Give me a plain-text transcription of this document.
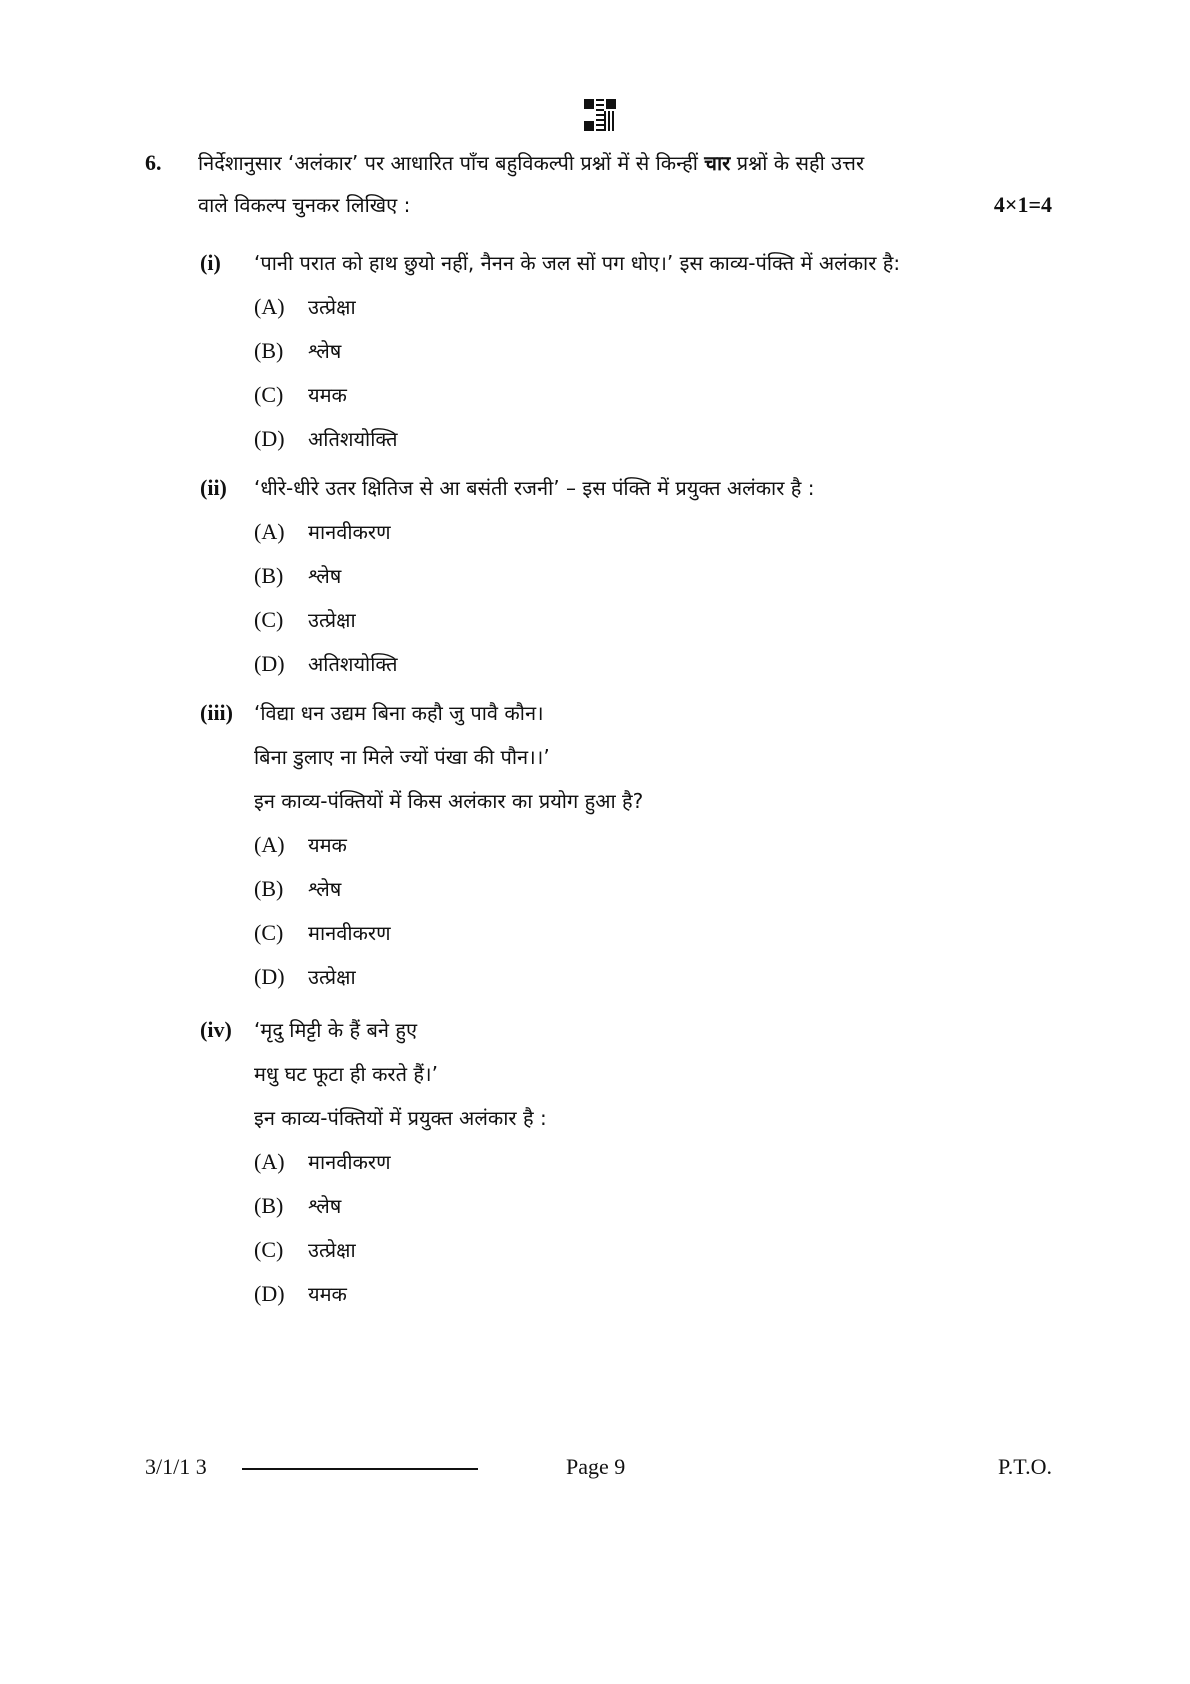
6. निर्देशानुसार ‘अलंकार’ पर आधारित पाँच बहुविकल्पी प्रश्नों में से किन्हीं चार प्रश्नों के सही उत्तर
वाले विकल्प चुनकर लिखिए :	4×1=4
(i) ‘पानी परात को हाथ छुयो नहीं, नैनन के जल सों पग धोए।’ इस काव्य-पंक्ति में अलंकार है:
(A) उत्प्रेक्षा
(B) श्लेष
(C) यमक
(D) अतिशयोक्ति
(ii) ‘धीरे-धीरे उतर क्षितिज से आ बसंती रजनी’ – इस पंक्ति में प्रयुक्त अलंकार है :
(A) मानवीकरण
(B) श्लेष
(C) उत्प्रेक्षा
(D) अतिशयोक्ति
(iii) ‘विद्या धन उद्यम बिना कहौ जु पावै कौन।
बिना डुलाए ना मिले ज्यों पंखा की पौन।।’
इन काव्य-पंक्तियों में किस अलंकार का प्रयोग हुआ है?
(A) यमक
(B) श्लेष
(C) मानवीकरण
(D) उत्प्रेक्षा
(iv) ‘मृदु मिट्टी के हैं बने हुए
मधु घट फूटा ही करते हैं।’
इन काव्य-पंक्तियों में प्रयुक्त अलंकार है :
(A) मानवीकरण
(B) श्लेष
(C) उत्प्रेक्षा
(D) यमक
3/1/1 3	Page 9	P.T.O.
